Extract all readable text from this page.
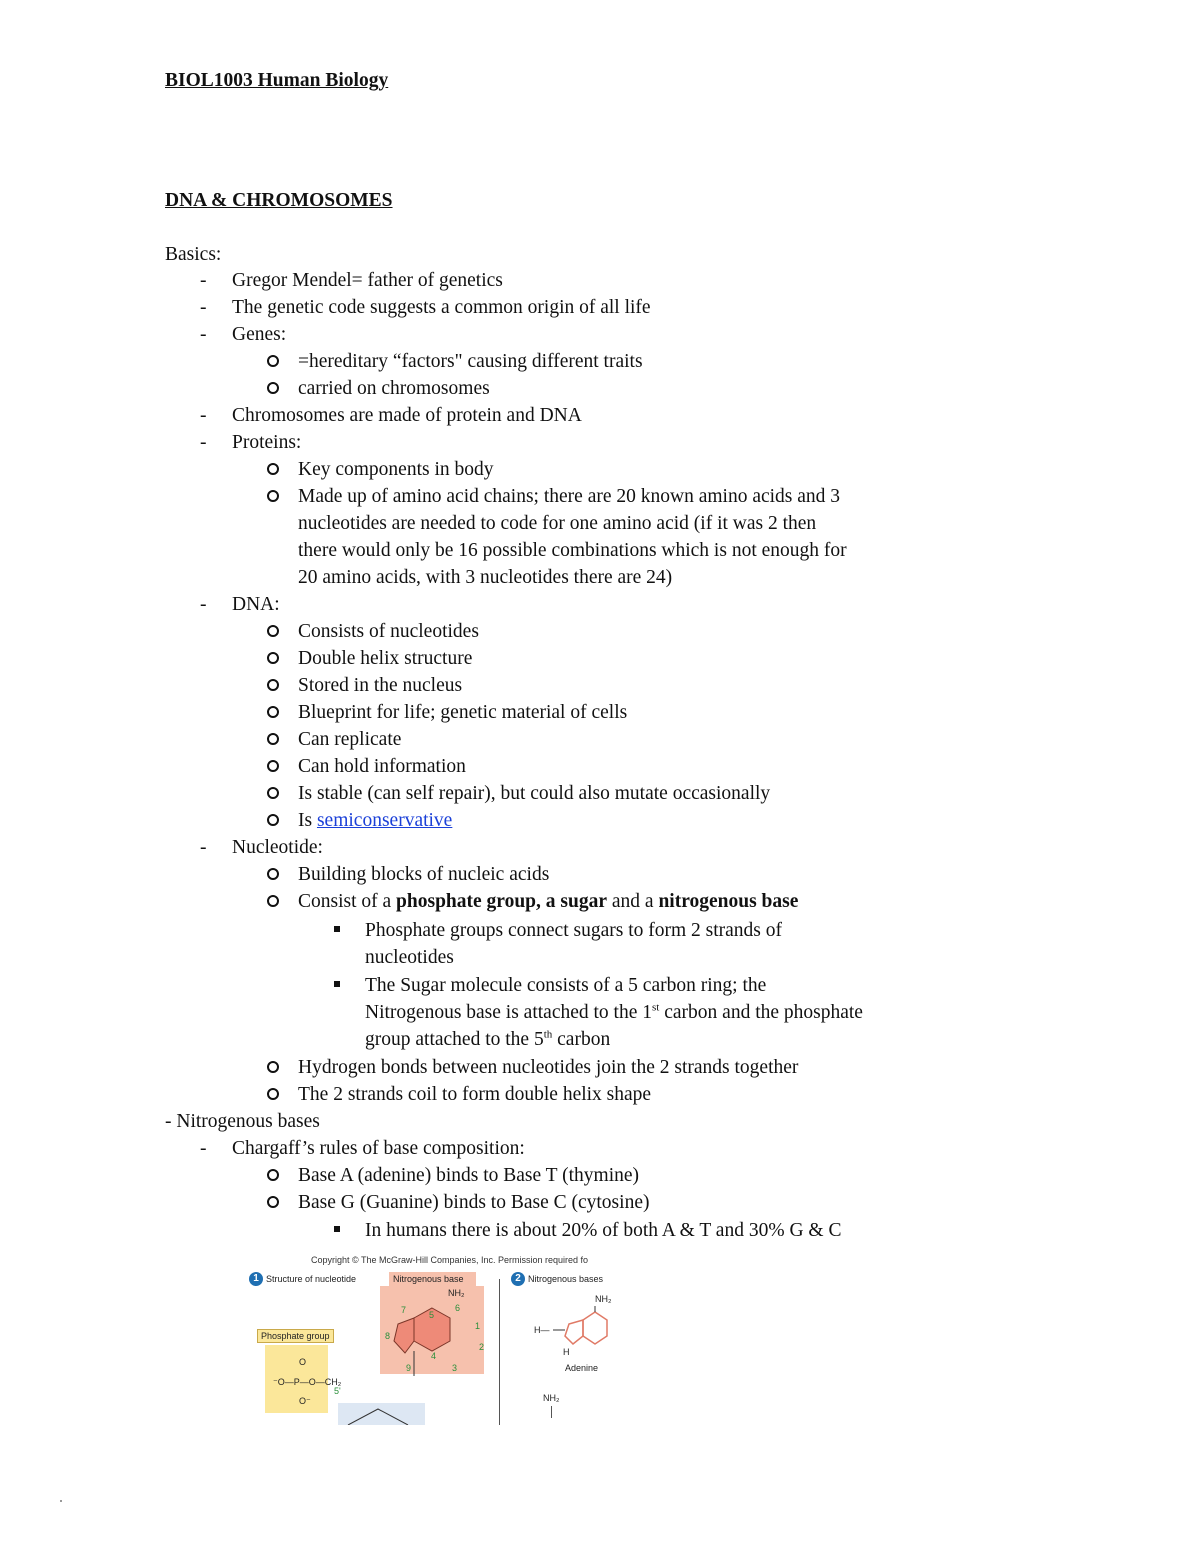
BIOL1003 Human Biology
DNA & CHROMOSOMES
Basics:
- Gregor Mendel= father of genetics
- The genetic code suggests a common origin of all life
- Genes:
=hereditary “factors" causing different traits
carried on chromosomes
- Chromosomes are made of protein and DNA
- Proteins:
Key components in body
Made up of amino acid chains; there are 20 known amino acids and 3
nucleotides are needed to code for one amino acid (if it was 2 then
there would only be 16 possible combinations which is not enough for
20 amino acids, with 3 nucleotides there are 24)
- DNA:
Consists of nucleotides
Double helix structure
Stored in the nucleus
Blueprint for life; genetic material of cells
Can replicate
Can hold information
Is stable (can self repair), but could also mutate occasionally
Is semiconservative
- Nucleotide:
Building blocks of nucleic acids
Consist of a phosphate group, a sugar and a nitrogenous base
Phosphate groups connect sugars to form 2 strands of
nucleotides
The Sugar molecule consists of a 5 carbon ring; the
Nitrogenous base is attached to the 1st carbon and the phosphate
group attached to the 5th carbon
Hydrogen bonds between nucleotides join the 2 strands together
The 2 strands coil to form double helix shape
- Nitrogenous bases
- Chargaff’s rules of base composition:
Base A (adenine) binds to Base T (thymine)
Base G (Guanine) binds to Base C (cytosine)
In humans there is about 20% of both A & T and 30% G & C
Copyright © The McGraw-Hill Companies, Inc. Permission required fo
1 Structure of nucleotide	Nitrogenous base	2 Nitrogenous bases
NH₂
7	5
6
8
1
2
4
3
9
Phosphate group
O
⁻O—P—O—CH₂
O⁻
5'
NH₂
H—
H
Adenine
NH₂
